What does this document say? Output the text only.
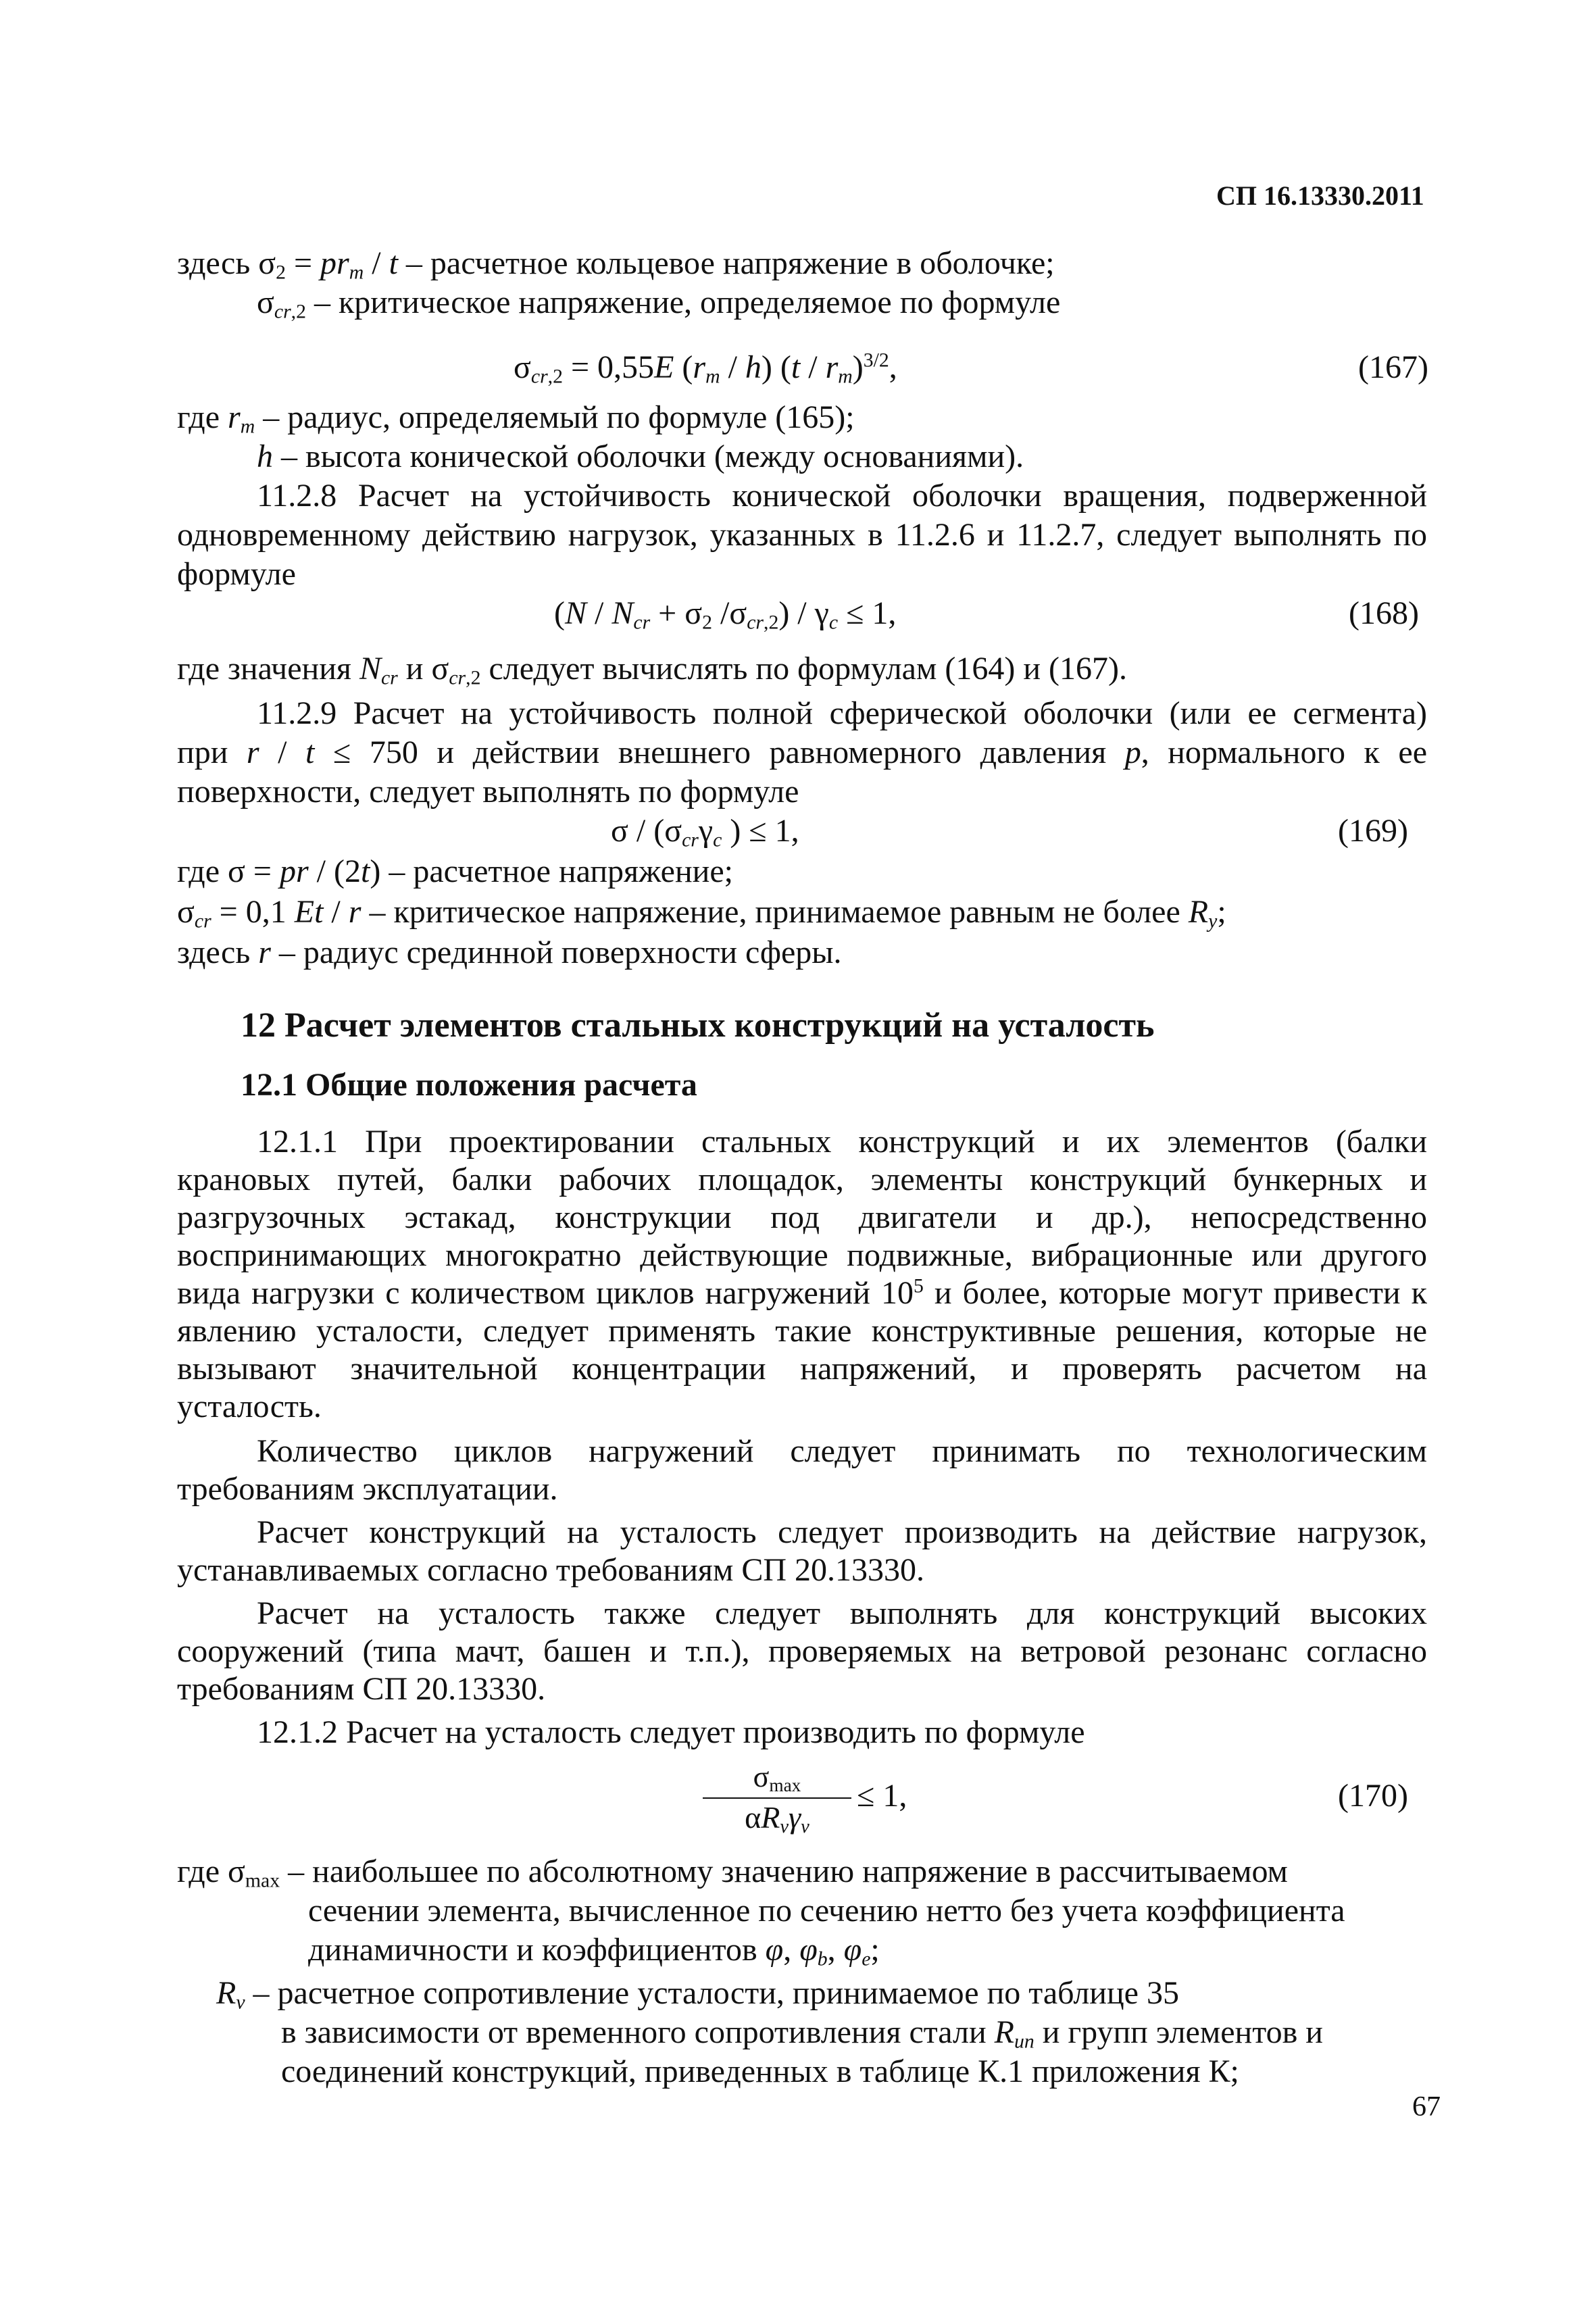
СП 16.13330.2011
здесь $\sigma_2 = pr_m / t$ – расчетное кольцевое напряжение в оболочке;
$\sigma_{cr,2}$ – критическое напряжение, определяемое по формуле
$\sigma_{cr,2} = 0,55E$ $(r_m / h)$ $(t / r_m)^{3/2}$,	(167)
где $r_m$ – радиус, определяемый по формуле (165);
h – высота конической оболочки (между основаниями).
11.2.8 Расчет на устойчивость конической оболочки вращения, подверженной
одновременному действию нагрузок, указанных в 11.2.6 и 11.2.7, следует выполнять по
формуле
($N / N_{cr} + \sigma_2$ $/\sigma_{cr,2}) / \gamma_c \le 1$,	(168)
где значения $N_{cr}$ и $\sigma_{cr,2}$ следует вычислять по формулам (164) и (167).
11.2.9 Расчет на устойчивость полной сферической оболочки (или ее сегмента)
при r / t ≤ 750 и действии внешнего равномерного давления p, нормального к ее
поверхности, следует выполнять по формуле
σ / ($\sigma_{cr}\gamma_c$ ) ≤ 1,	(169)
где σ = pr / (2t) – расчетное напряжение;
$\sigma_{cr} = 0,1$ Et / r – критическое напряжение, принимаемое равным не более $R_y$;
здесь r – радиус срединной поверхности сферы.
12 Расчет элементов стальных конструкций на усталость
12.1 Общие положения расчета
12.1.1 При проектировании стальных конструкций и их элементов (балки
крановых путей, балки рабочих площадок, элементы конструкций бункерных и
разгрузочных эстакад, конструкции под двигатели и др.), непосредственно
воспринимающих многократно действующие подвижные, вибрационные или другого
вида нагрузки с количеством циклов нагружений $10^5$ и более, которые могут привести к
явлению усталости, следует применять такие конструктивные решения, которые не
вызывают значительной концентрации напряжений, и проверять расчетом на
усталость.
Количество циклов нагружений следует принимать по технологическим
требованиям эксплуатации.
Расчет конструкций на усталость следует производить на действие нагрузок,
устанавливаемых согласно требованиям СП 20.13330.
Расчет на усталость также следует выполнять для конструкций высоких
сооружений (типа мачт, башен и т.п.), проверяемых на ветровой резонанс согласно
требованиям СП 20.13330.
12.1.2 Расчет на усталость следует производить по формуле
$\sigma_{max}$
$\alpha R_v\gamma_v$
≤ 1,	(170)
где $\sigma_{max}$ – наибольшее по абсолютному значению напряжение в рассчитываемом
сечении элемента, вычисленное по сечению нетто без учета коэффициента
динамичности и коэффициентов φ, $\varphi_b$, $\varphi_e$;
$R_v$ – расчетное сопротивление усталости, принимаемое по таблице 35
в зависимости от временного сопротивления стали $R_{un}$ и групп элементов и
соединений конструкций, приведенных в таблице К.1 приложения К;
67
